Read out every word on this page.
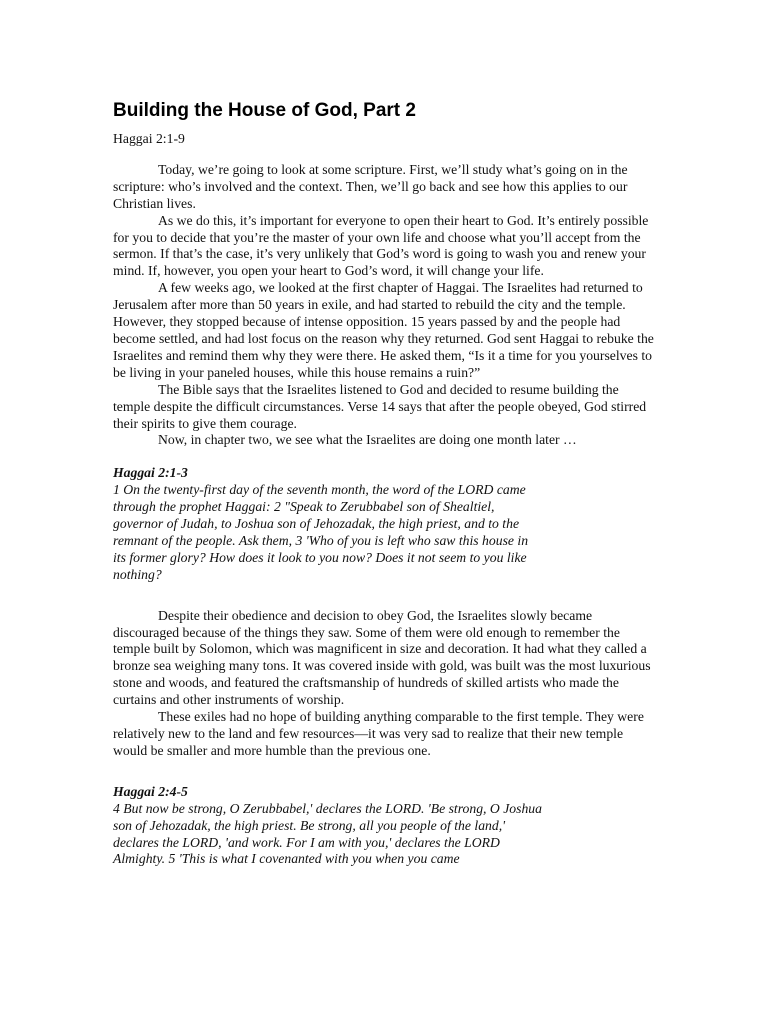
Building the House of God, Part 2
Haggai 2:1-9

Today, we’re going to look at some scripture. First, we’ll study what’s going on in the scripture: who’s involved and the context. Then, we’ll go back and see how this applies to our Christian lives.

As we do this, it’s important for everyone to open their heart to God. It’s entirely possible for you to decide that you’re the master of your own life and choose what you’ll accept from the sermon. If that’s the case, it’s very unlikely that God’s word is going to wash you and renew your mind. If, however, you open your heart to God’s word, it will change your life.

A few weeks ago, we looked at the first chapter of Haggai. The Israelites had returned to Jerusalem after more than 50 years in exile, and had started to rebuild the city and the temple. However, they stopped because of intense opposition. 15 years passed by and the people had become settled, and had lost focus on the reason why they returned. God sent Haggai to rebuke the Israelites and remind them why they were there. He asked them, “Is it a time for you yourselves to be living in your paneled houses, while this house remains a ruin?”

The Bible says that the Israelites listened to God and decided to resume building the temple despite the difficult circumstances. Verse 14 says that after the people obeyed, God stirred their spirits to give them courage.

Now, in chapter two, we see what the Israelites are doing one month later …

Haggai 2:1-3

1 On the twenty-first day of the seventh month, the word of the LORD came through the prophet Haggai: 2 "Speak to Zerubbabel son of Shealtiel, governor of Judah, to Joshua son of Jehozadak, the high priest, and to the remnant of the people. Ask them, 3 'Who of you is left who saw this house in its former glory? How does it look to you now? Does it not seem to you like nothing?

Despite their obedience and decision to obey God, the Israelites slowly became discouraged because of the things they saw. Some of them were old enough to remember the temple built by Solomon, which was magnificent in size and decoration. It had what they called a bronze sea weighing many tons. It was covered inside with gold, was built was the most luxurious stone and woods, and featured the craftsmanship of hundreds of skilled artists who made the curtains and other instruments of worship.

These exiles had no hope of building anything comparable to the first temple. They were relatively new to the land and few resources—it was very sad to realize that their new temple would be smaller and more humble than the previous one.

Haggai 2:4-5

4 But now be strong, O Zerubbabel,' declares the LORD. 'Be strong, O Joshua son of Jehozadak, the high priest. Be strong, all you people of the land,' declares the LORD, 'and work. For I am with you,' declares the LORD Almighty. 5 'This is what I covenanted with you when you came
